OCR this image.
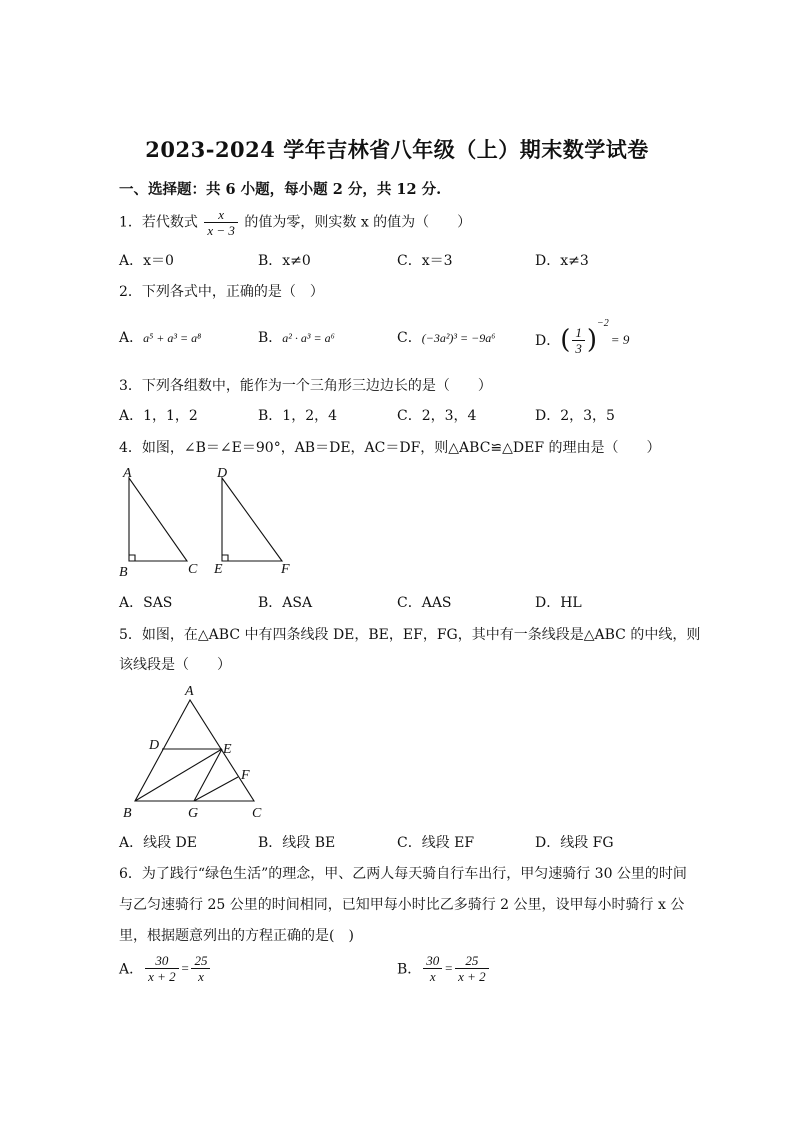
2023-2024 学年吉林省八年级（上）期末数学试卷
一、选择题：共 6 小题，每小题 2 分，共 12 分.
1．若代数式 $\frac{x}{x - 3}$ 的值为零，则实数 x 的值为（　　）
A．x＝0	B．x≠0	C．x＝3	D．x≠3
2．下列各式中，正确的是（　）
A．a⁵ + a³ = a⁸	B．a² · a³ = a⁶	C．(−3a²)³ = −9a⁶	D．( $\frac{1}{3} )^{-2}= 9$
3．下列各组数中，能作为一个三角形三边边长的是（　　）
A．1，1，2	B．1，2，4	C．2，3，4	D．2，3，5
4．如图，∠B＝∠E＝90°，AB＝DE，AC＝DF，则△ABC≌△DEF 的理由是（　　）
A
B	C
D
E	F
A．SAS	B．ASA	C．AAS	D．HL
5．如图，在△ABC 中有四条线段 DE，BE，EF，FG，其中有一条线段是△ABC 的中线，则
该线段是（　　）
A
D	E
F
B	G	C
A．线段 DE	B．线段 BE	C．线段 EF	D．线段 FG
6．为了践行“绿色生活”的理念，甲、乙两人每天骑自行车出行，甲匀速骑行 30 公里的时间
与乙匀速骑行 25 公里的时间相同，已知甲每小时比乙多骑行 2 公里，设甲每小时骑行 x 公
里，根据题意列出的方程正确的是(　)
A． $\frac{30}{x + 2} = \frac{25}{x}$	B． $\frac{30}{x} = \frac{25}{x + 2}$
